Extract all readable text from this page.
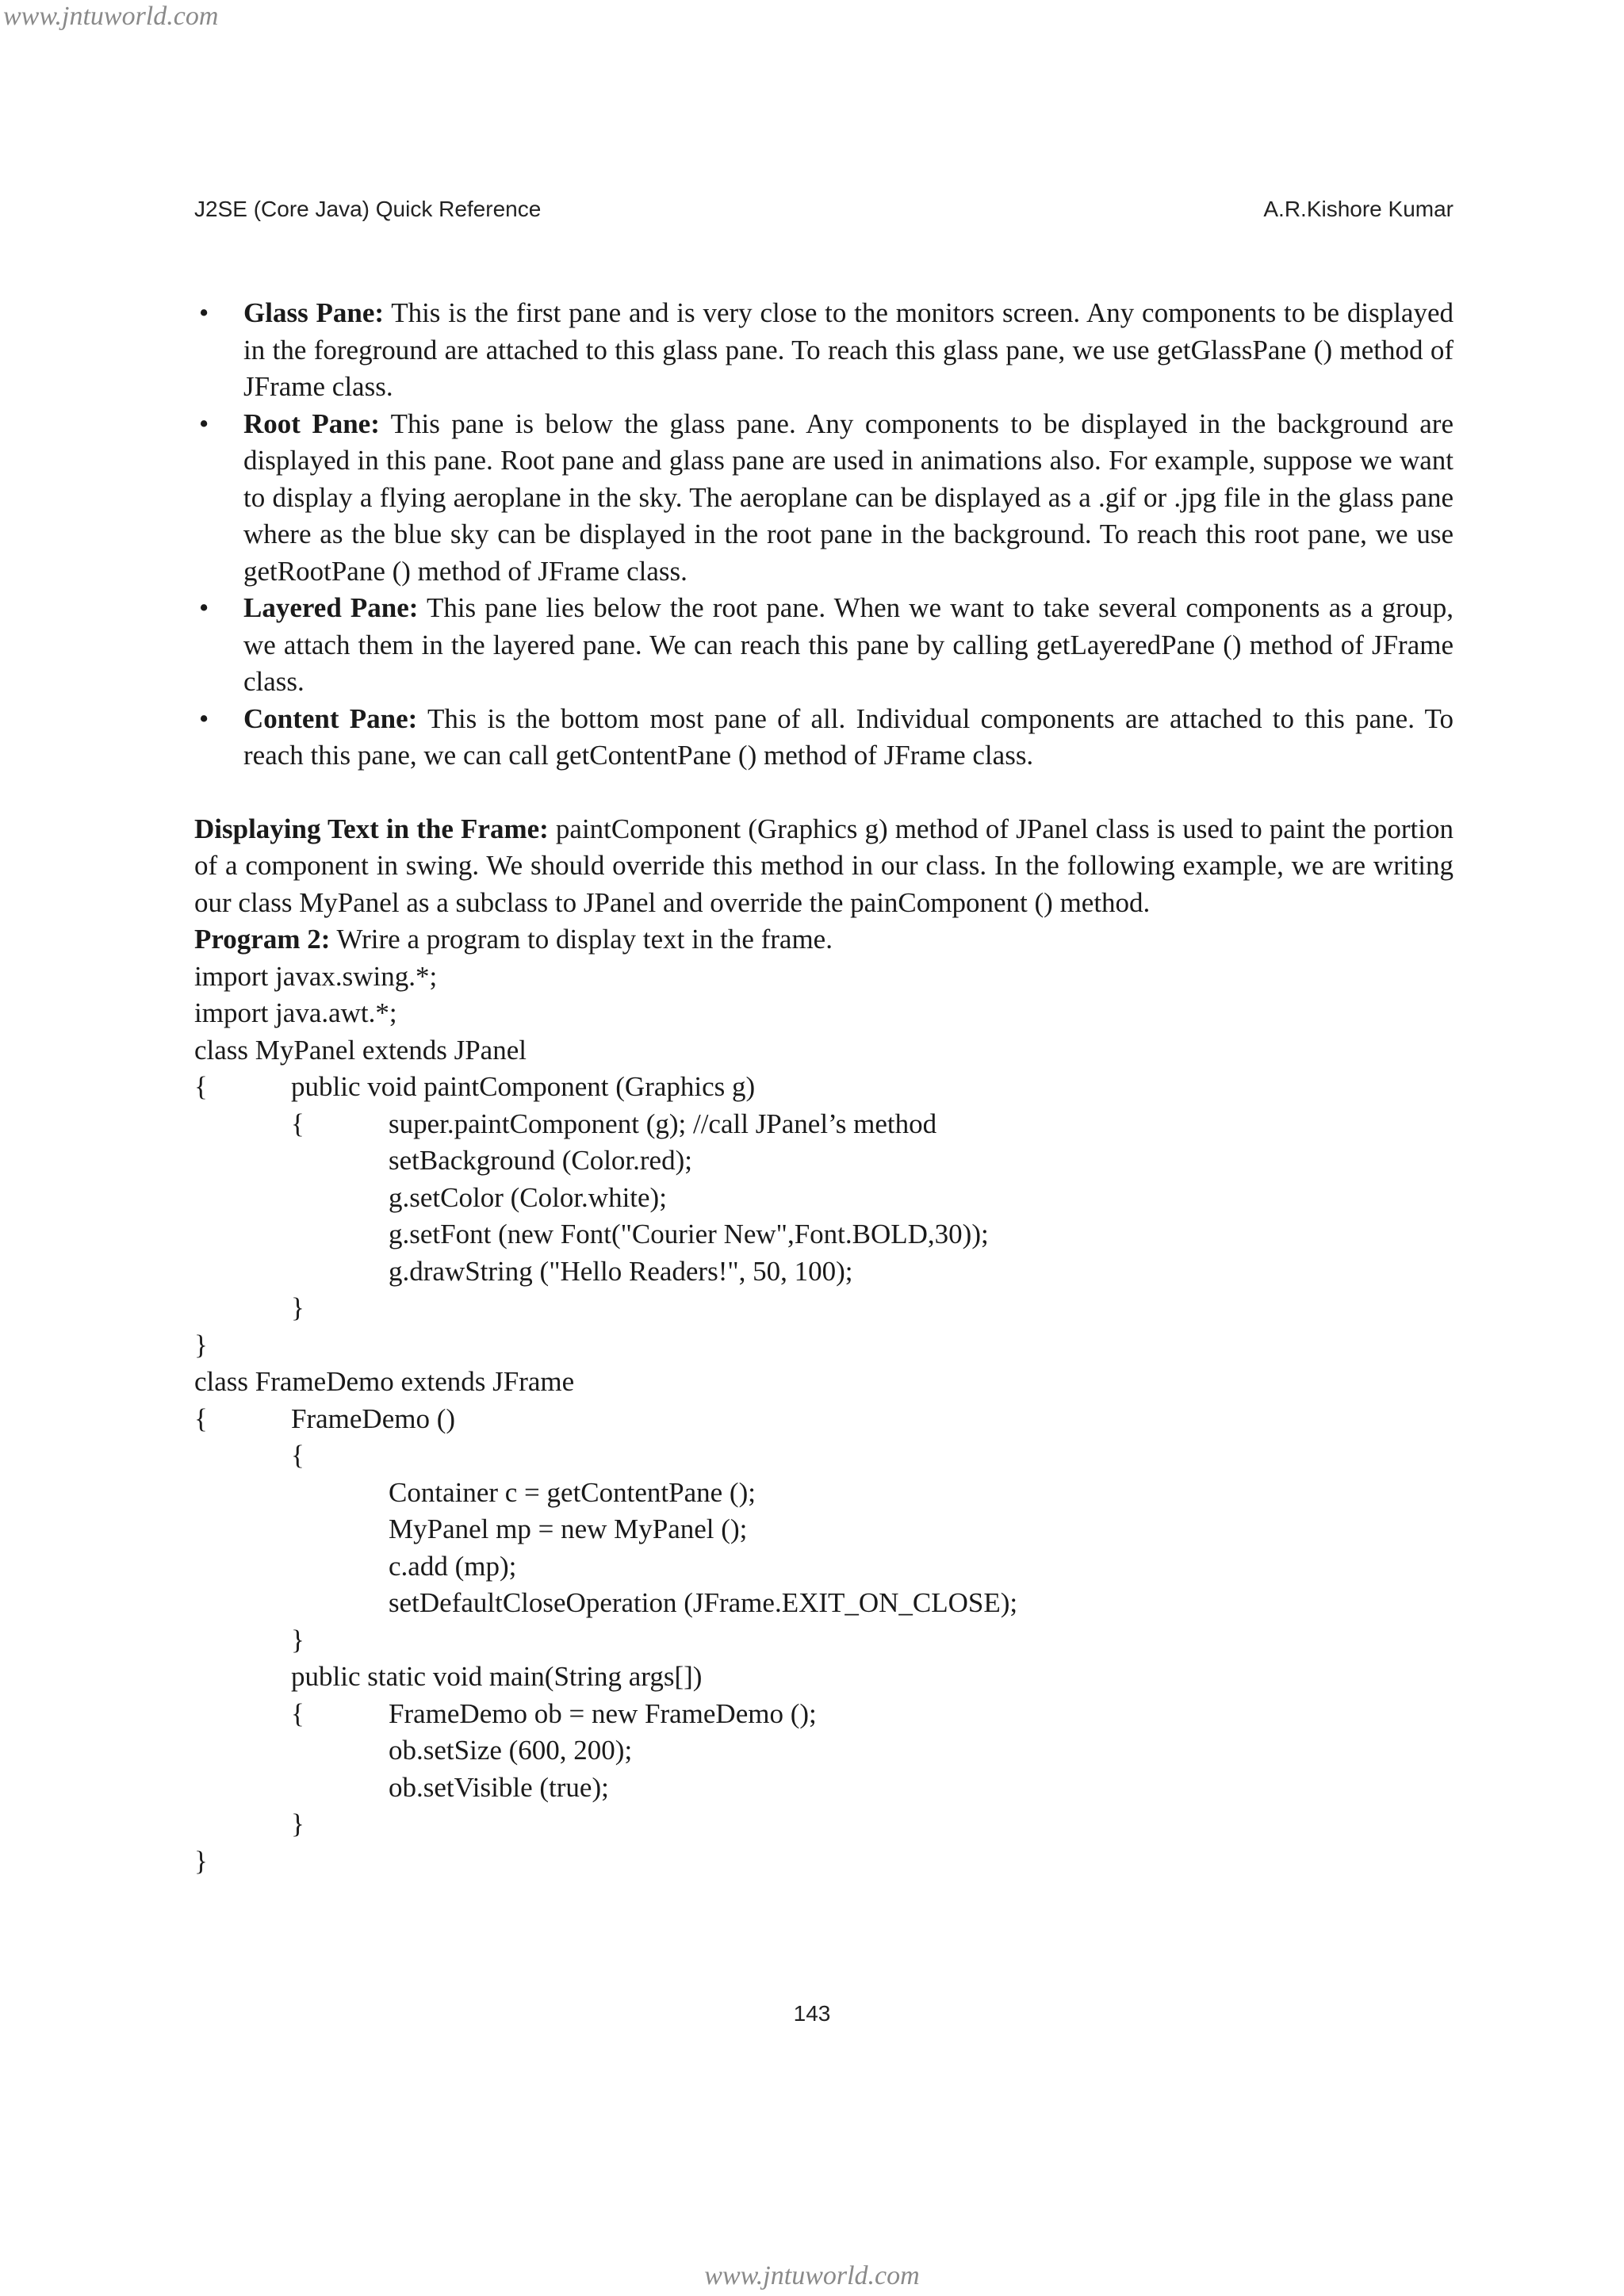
www.jntuworld.com
J2SE (Core Java) Quick Reference	A.R.Kishore Kumar
• Glass Pane: This is the first pane and is very close to the monitors screen. Any components to be displayed in the foreground are attached to this glass pane. To reach this glass pane, we use getGlassPane () method of JFrame class.
• Root Pane: This pane is below the glass pane. Any components to be displayed in the background are displayed in this pane. Root pane and glass pane are used in animations also. For example, suppose we want to display a flying aeroplane in the sky. The aeroplane can be displayed as a .gif or .jpg file in the glass pane where as the blue sky can be displayed in the root pane in the background. To reach this root pane, we use getRootPane () method of JFrame class.
• Layered Pane: This pane lies below the root pane. When we want to take several components as a group, we attach them in the layered pane. We can reach this pane by calling getLayeredPane () method of JFrame class.
• Content Pane: This is the bottom most pane of all. Individual components are attached to this pane. To reach this pane, we can call getContentPane () method of JFrame class.

Displaying Text in the Frame: paintComponent (Graphics g) method of JPanel class is used to paint the portion of a component in swing. We should override this method in our class. In the following example, we are writing our class MyPanel as a subclass to JPanel and override the painComponent () method.

Program 2: Wrire a program to display text in the frame.

import javax.swing.*;
import java.awt.*;
class MyPanel extends JPanel
{	public void paintComponent (Graphics g)
{	super.paintComponent (g); //call JPanel’s method
setBackground (Color.red);
g.setColor (Color.white);
g.setFont (new Font("Courier New",Font.BOLD,30));
g.drawString ("Hello Readers!", 50, 100);
}
}
class FrameDemo extends JFrame
{	FrameDemo ()
{
Container c = getContentPane ();
MyPanel mp = new MyPanel ();
c.add (mp);
setDefaultCloseOperation (JFrame.EXIT_ON_CLOSE);
}
public static void main(String args[])
{	FrameDemo ob = new FrameDemo ();
ob.setSize (600, 200);
ob.setVisible (true);
}
}
143
www.jntuworld.com
